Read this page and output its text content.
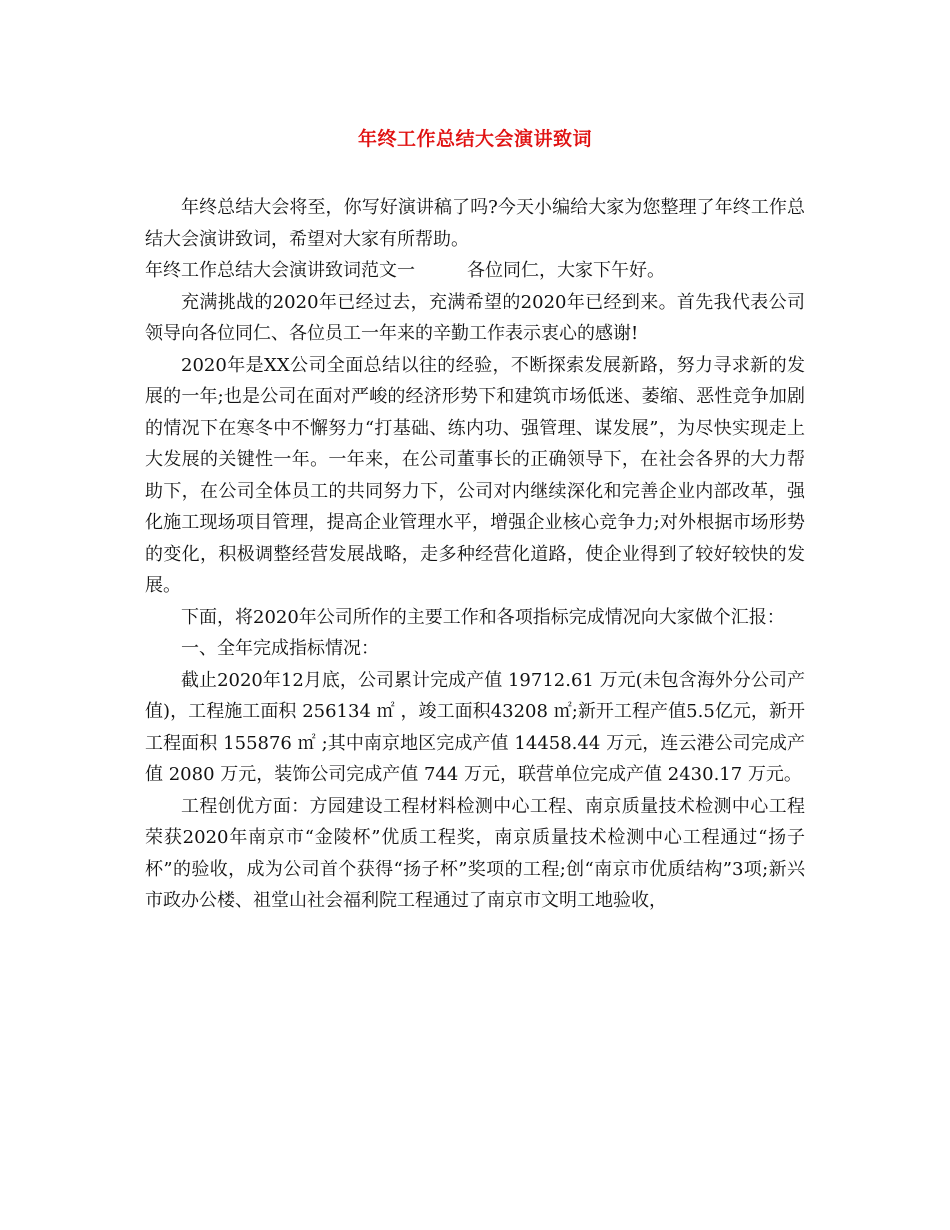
年终工作总结大会演讲致词

年终总结大会将至，你写好演讲稿了吗?今天小编给大家为您整理了年终工作总结大会演讲致词，希望对大家有所帮助。

年终工作总结大会演讲致词范文一	各位同仁，大家下午好。

充满挑战的2020年已经过去，充满希望的2020年已经到来。首先我代表公司领导向各位同仁、各位员工一年来的辛勤工作表示衷心的感谢!

2020年是XX公司全面总结以往的经验，不断探索发展新路，努力寻求新的发展的一年;也是公司在面对严峻的经济形势下和建筑市场低迷、萎缩、恶性竞争加剧的情况下在寒冬中不懈努力“打基础、练内功、强管理、谋发展”，为尽快实现走上大发展的关键性一年。一年来，在公司董事长的正确领导下，在社会各界的大力帮助下，在公司全体员工的共同努力下，公司对内继续深化和完善企业内部改革，强化施工现场项目管理，提高企业管理水平，增强企业核心竞争力;对外根据市场形势的变化，积极调整经营发展战略，走多种经营化道路，使企业得到了较好较快的发展。

下面，将2020年公司所作的主要工作和各项指标完成情况向大家做个汇报：

一、全年完成指标情况：

截止2020年12月底，公司累计完成产值 19712.61 万元(未包含海外分公司产值)，工程施工面积 256134 ㎡ ，竣工面积43208 ㎡;新开工程产值5.5亿元，新开工程面积 155876 ㎡ ;其中南京地区完成产值 14458.44 万元，连云港公司完成产值 2080 万元，装饰公司完成产值 744 万元，联营单位完成产值 2430.17 万元。

工程创优方面：方园建设工程材料检测中心工程、南京质量技术检测中心工程荣获2020年南京市“金陵杯”优质工程奖，南京质量技术检测中心工程通过“扬子杯”的验收，成为公司首个获得“扬子杯”奖项的工程;创“南京市优质结构”3项;新兴市政办公楼、祖堂山社会福利院工程通过了南京市文明工地验收，
